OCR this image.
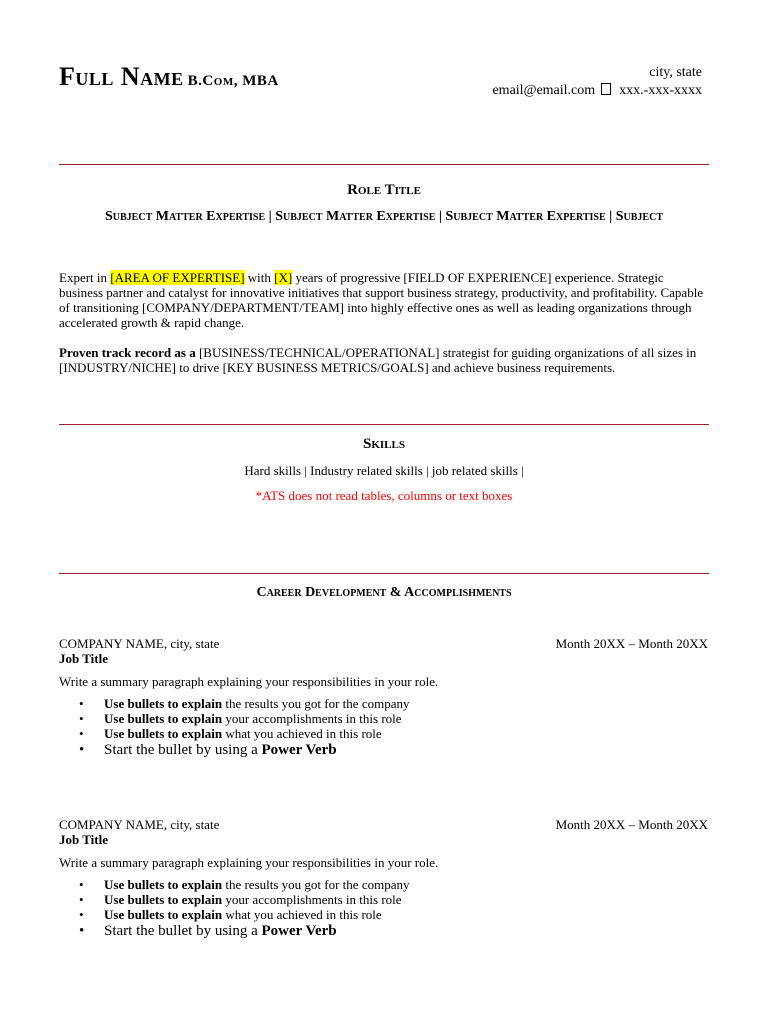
Full Name B.Com, MBA
city, state
email@email.com xxx.-xxx-xxxx
Role Title
Subject Matter Expertise | Subject Matter Expertise | Subject Matter Expertise | Subject
Expert in [AREA OF EXPERTISE] with [X] years of progressive [FIELD OF EXPERIENCE] experience. Strategic business partner and catalyst for innovative initiatives that support business strategy, productivity, and profitability. Capable of transitioning [COMPANY/DEPARTMENT/TEAM] into highly effective ones as well as leading organizations through accelerated growth & rapid change.
Proven track record as a [BUSINESS/TECHNICAL/OPERATIONAL] strategist for guiding organizations of all sizes in [INDUSTRY/NICHE] to drive [KEY BUSINESS METRICS/GOALS] and achieve business requirements.
Skills
Hard skills | Industry related skills | job related skills |
*ATS does not read tables, columns or text boxes
Career Development & Accomplishments
COMPANY NAME, city, state	Month 20XX – Month 20XX
Job Title
Write a summary paragraph explaining your responsibilities in your role.
• Use bullets to explain the results you got for the company
• Use bullets to explain your accomplishments in this role
• Use bullets to explain what you achieved in this role
• Start the bullet by using a Power Verb
COMPANY NAME, city, state	Month 20XX – Month 20XX
Job Title
Write a summary paragraph explaining your responsibilities in your role.
• Use bullets to explain the results you got for the company
• Use bullets to explain your accomplishments in this role
• Use bullets to explain what you achieved in this role
• Start the bullet by using a Power Verb
